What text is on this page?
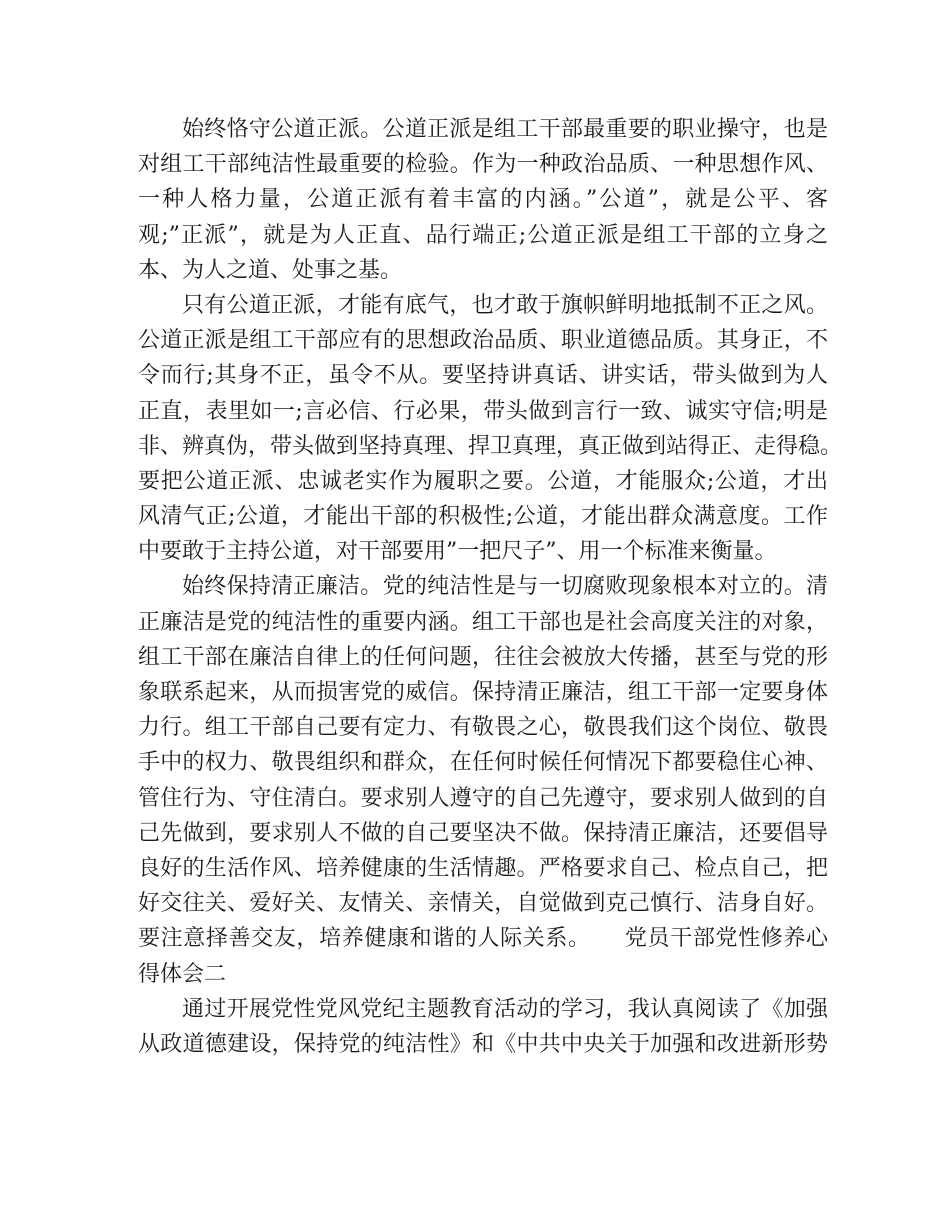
始终恪守公道正派。公道正派是组工干部最重要的职业操守，也是
对组工干部纯洁性最重要的检验。作为一种政治品质、一种思想作风、
一种人格力量，公道正派有着丰富的内涵。”公道”，就是公平、客
观;”正派”，就是为人正直、品行端正;公道正派是组工干部的立身之
本、为人之道、处事之基。
只有公道正派，才能有底气，也才敢于旗帜鲜明地抵制不正之风。
公道正派是组工干部应有的思想政治品质、职业道德品质。其身正，不
令而行;其身不正，虽令不从。要坚持讲真话、讲实话，带头做到为人
正直，表里如一;言必信、行必果，带头做到言行一致、诚实守信;明是
非、辨真伪，带头做到坚持真理、捍卫真理，真正做到站得正、走得稳。
要把公道正派、忠诚老实作为履职之要。公道，才能服众;公道，才出
风清气正;公道，才能出干部的积极性;公道，才能出群众满意度。工作
中要敢于主持公道，对干部要用”一把尺子”、用一个标准来衡量。
始终保持清正廉洁。党的纯洁性是与一切腐败现象根本对立的。清
正廉洁是党的纯洁性的重要内涵。组工干部也是社会高度关注的对象，
组工干部在廉洁自律上的任何问题，往往会被放大传播，甚至与党的形
象联系起来，从而损害党的威信。保持清正廉洁，组工干部一定要身体
力行。组工干部自己要有定力、有敬畏之心，敬畏我们这个岗位、敬畏
手中的权力、敬畏组织和群众，在任何时候任何情况下都要稳住心神、
管住行为、守住清白。要求别人遵守的自己先遵守，要求别人做到的自
己先做到，要求别人不做的自己要坚决不做。保持清正廉洁，还要倡导
良好的生活作风、培养健康的生活情趣。严格要求自己、检点自己，把
好交往关、爱好关、友情关、亲情关，自觉做到克己慎行、洁身自好。
要注意择善交友，培养健康和谐的人际关系。　　党员干部党性修养心
得体会二
通过开展党性党风党纪主题教育活动的学习，我认真阅读了《加强
从政道德建设，保持党的纯洁性》和《中共中央关于加强和改进新形势
